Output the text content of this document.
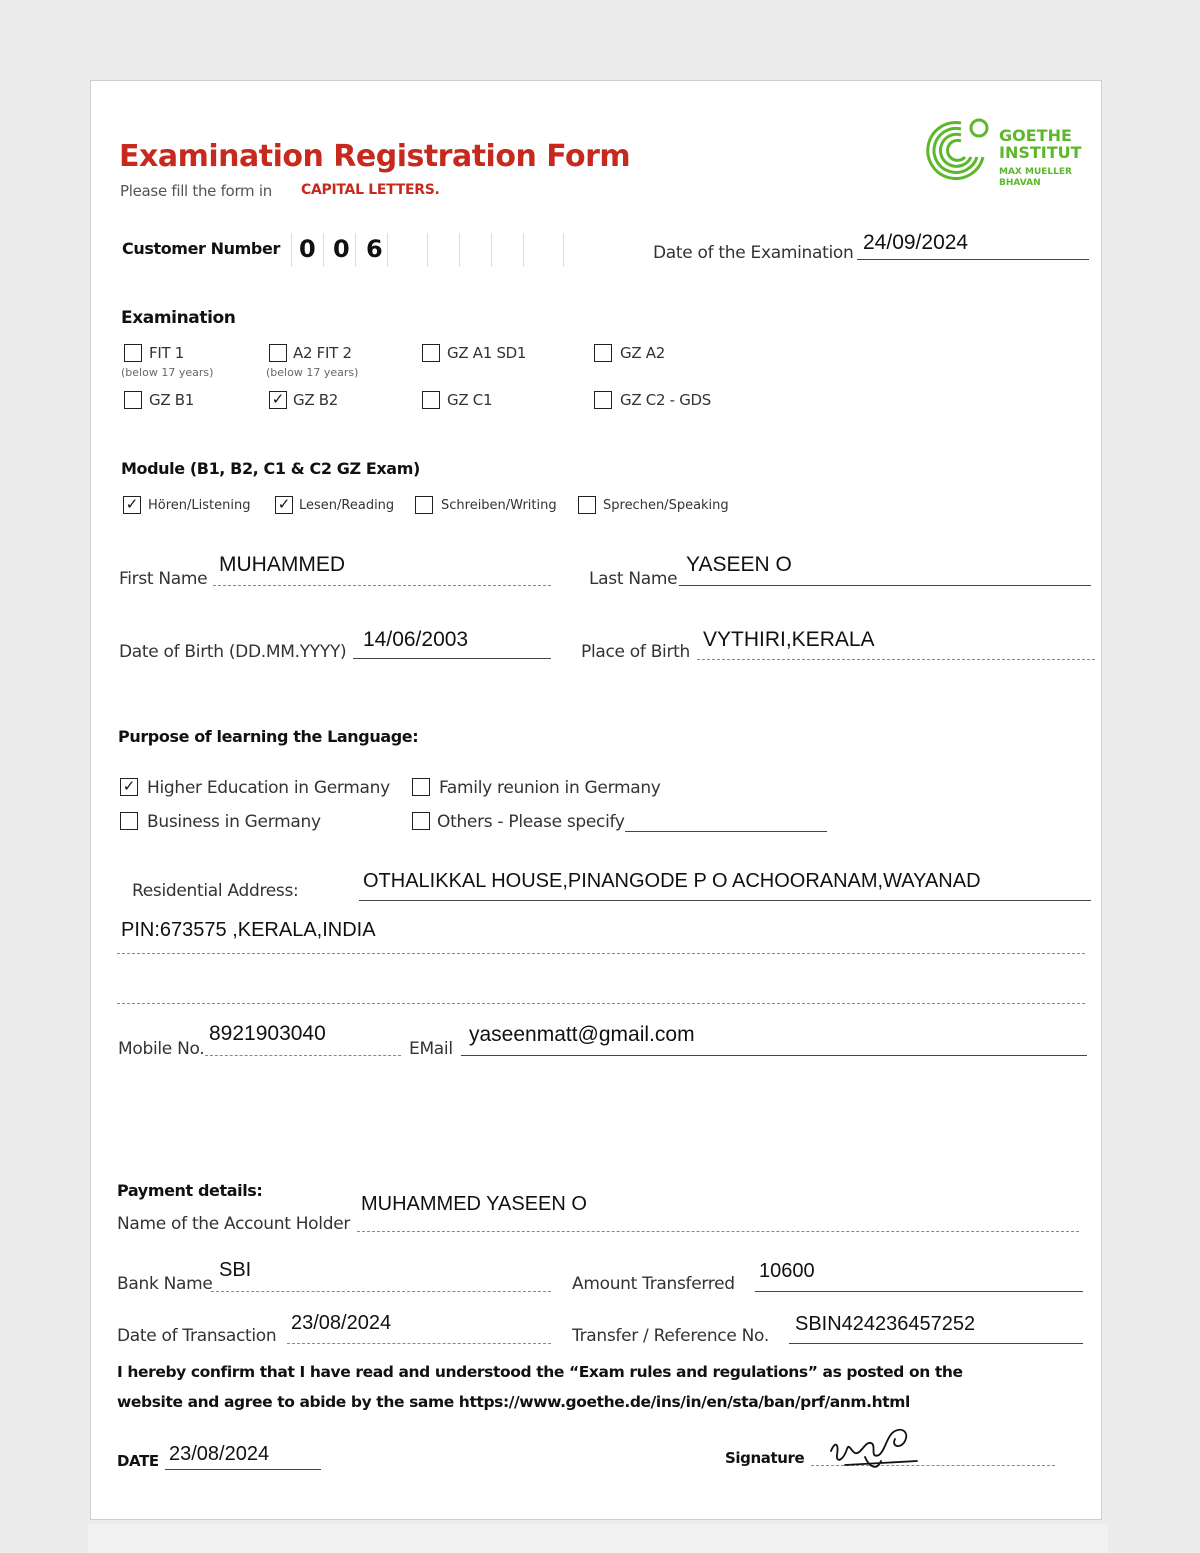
Examination Registration Form
Please fill the form in CAPITAL LETTERS.
GOETHE
INSTITUT
MAX MUELLER
BHAVAN
Customer Number 0 0 6	Date of the Examination 24/09/2024
Examination
FIT 1
(below 17 years)
A2 FIT 2
(below 17 years)
GZ A1 SD1	GZ A2
GZ B1	✓ GZ B2	GZ C1	GZ C2 - GDS
Module (B1, B2, C1 & C2 GZ Exam)
✓ Hören/Listening ✓ Lesen/Reading	Schreiben/Writing	Sprechen/Speaking
First Name
MUHAMMED
Last Name
YASEEN O
Date of Birth (DD.MM.YYYY)
14/06/2003
Place of Birth
VYTHIRI,KERALA
Purpose of learning the Language:
✓ Higher Education in Germany	Family reunion in Germany
Business in Germany	Others - Please specify
Residential Address:	OTHALIKKAL HOUSE,PINANGODE P O ACHOORANAM,WAYANAD
PIN:673575 ,KERALA,INDIA
Mobile No.
8921903040
EMail
yaseenmatt@gmail.com
Payment details:
Name of the Account Holder
MUHAMMED YASEEN O
Bank Name
SBI
Amount Transferred
10600
Date of Transaction
23/08/2024
Transfer / Reference No.
SBIN424236457252
I hereby confirm that I have read and understood the “Exam rules and regulations” as posted on the
website and agree to abide by the same https://www.goethe.de/ins/in/en/sta/ban/prf/anm.html
DATE 23/08/2024	Signature
